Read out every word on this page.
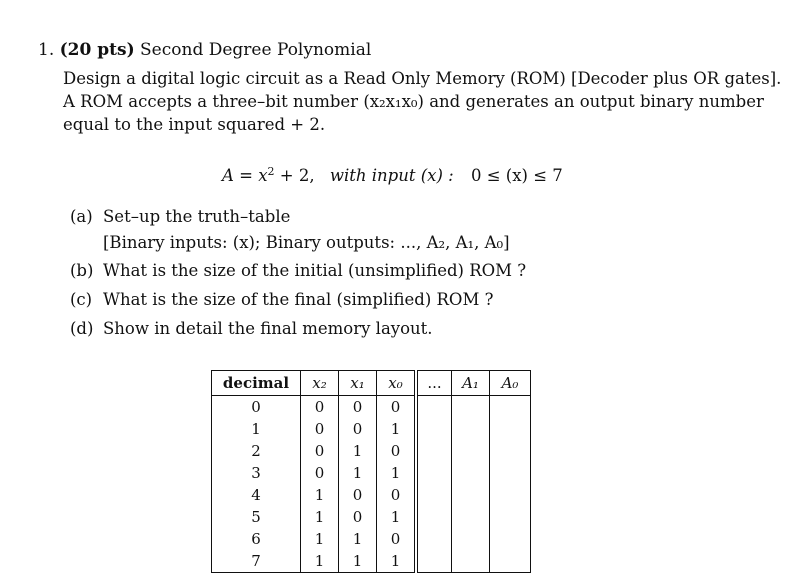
1. (20 pts) Second Degree Polynomial
Design a digital logic circuit as a Read Only Memory (ROM) [Decoder plus OR gates].
A ROM accepts a three–bit number (x₂x₁x₀) and generates an output binary number
equal to the input squared + 2.
$A = x^2 + 2$, with input (x) : 0 ≤ (x) ≤ 7
(a) Set–up the truth–table
[Binary inputs: (x); Binary outputs: ..., A₂, A₁, A₀]
(b) What is the size of the initial (unsimplified) ROM ?
(c) What is the size of the final (simplified) ROM ?
(d) Show in detail the final memory layout.
decimal	x₂	x₁	x₀	...	A₁	A₀
0	0	0	0			
1	0	0	1			
2	0	1	0			
3	0	1	1			
4	1	0	0			
5	1	0	1			
6	1	1	0			
7	1	1	1			
